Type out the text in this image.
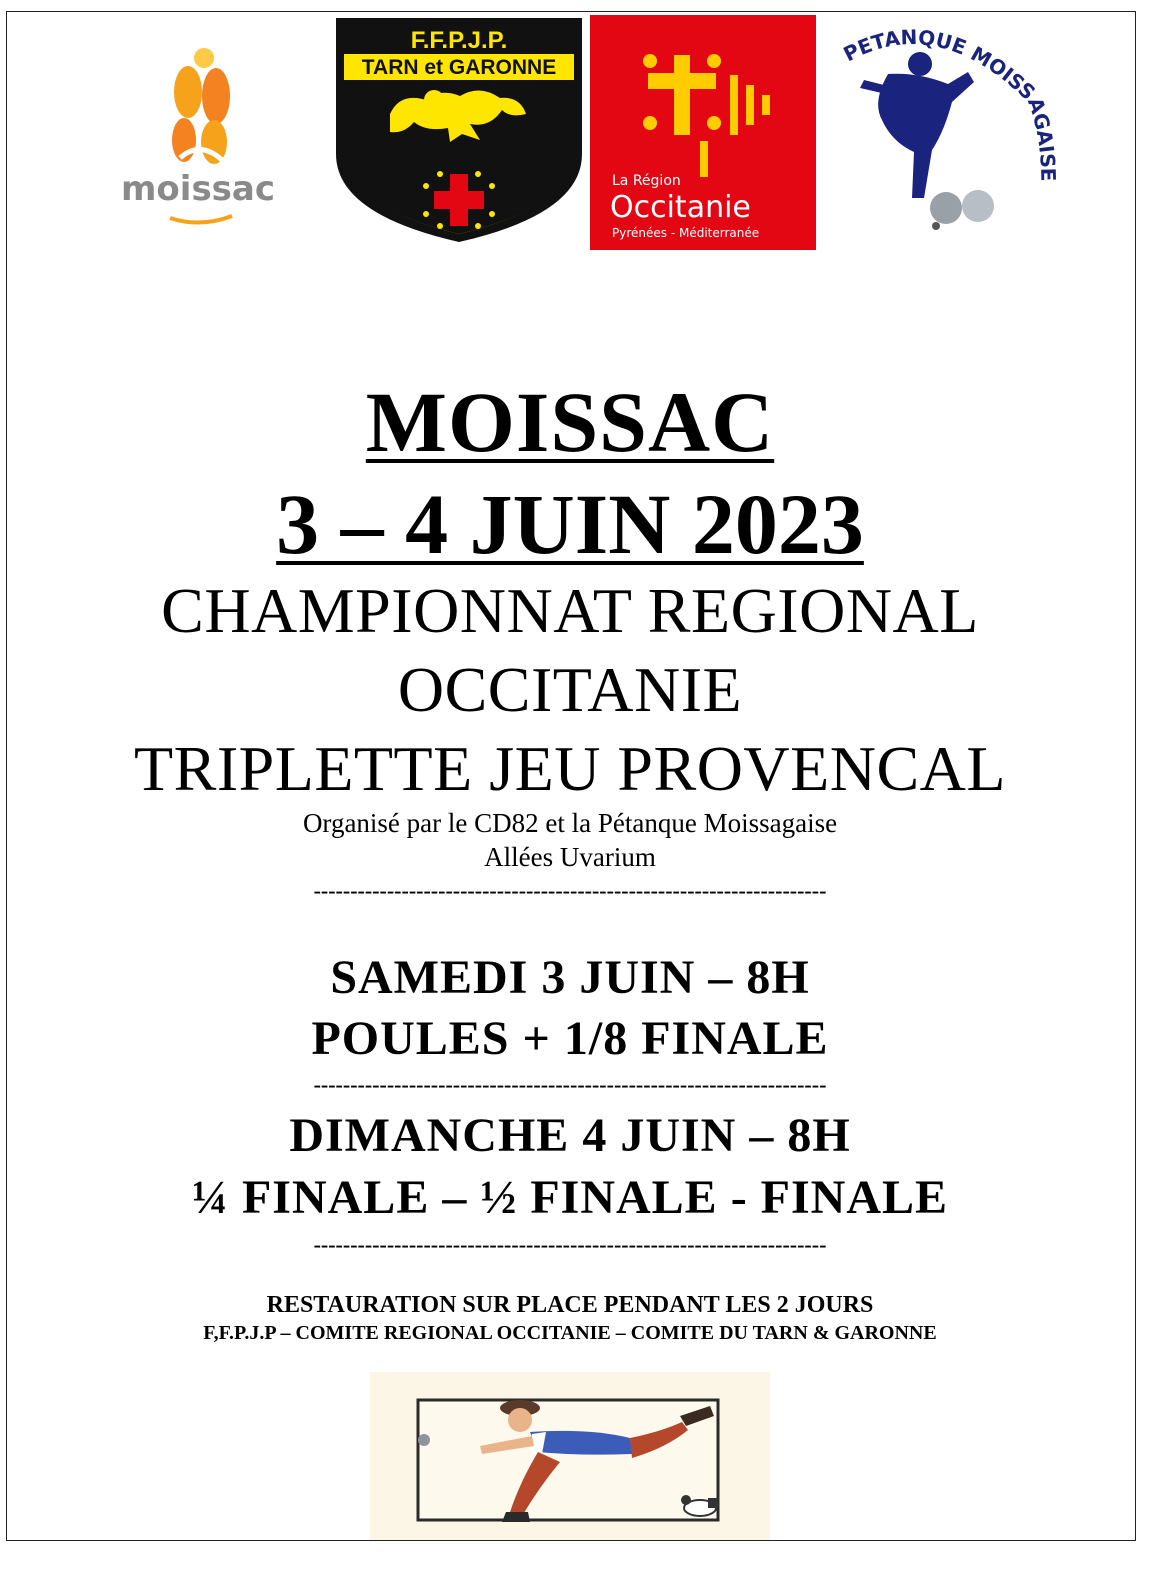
moissac
F.F.P.J.P.
TARN et GARONNE
La Région
Occitanie
Pyrénées - Méditerranée
PETANQUE MOISSAGAISE
MOISSAC
3 – 4 JUIN 2023
CHAMPIONNAT REGIONAL
OCCITANIE
TRIPLETTE JEU PROVENCAL
Organisé par le CD82 et la Pétanque Moissagaise
Allées Uvarium
----------------------------------------------------------------------
SAMEDI 3 JUIN – 8H
POULES + 1/8 FINALE
----------------------------------------------------------------------
DIMANCHE 4 JUIN – 8H
¼ FINALE – ½ FINALE - FINALE
----------------------------------------------------------------------
RESTAURATION SUR PLACE PENDANT LES 2 JOURS
F,F.P.J.P – COMITE REGIONAL OCCITANIE – COMITE DU TARN & GARONNE
